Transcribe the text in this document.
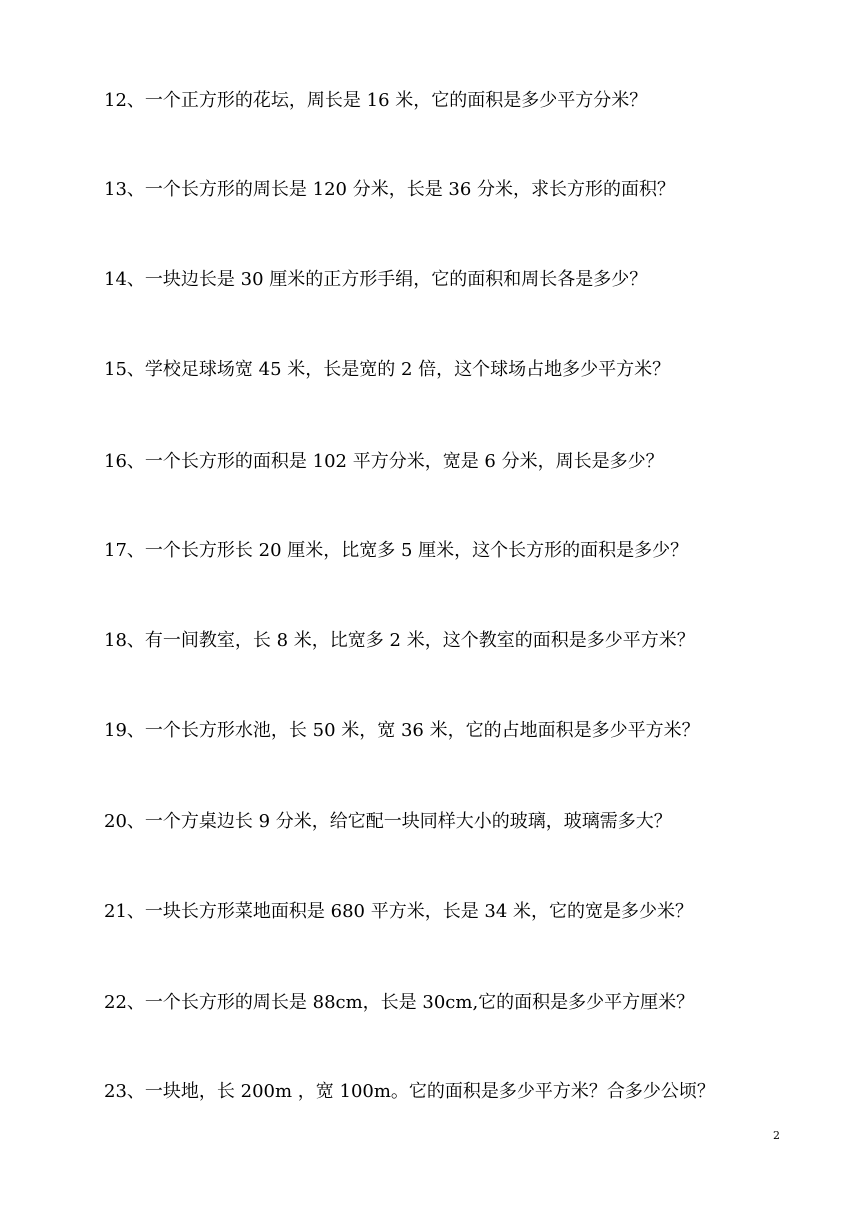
12、一个正方形的花坛，周长是 16 米，它的面积是多少平方分米？
13、一个长方形的周长是 120 分米，长是 36 分米，求长方形的面积？
14、一块边长是 30 厘米的正方形手绢，它的面积和周长各是多少？
15、学校足球场宽 45 米，长是宽的 2 倍，这个球场占地多少平方米？
16、一个长方形的面积是 102 平方分米，宽是 6 分米，周长是多少？
17、一个长方形长 20 厘米，比宽多 5 厘米，这个长方形的面积是多少？
18、有一间教室，长 8 米，比宽多 2 米，这个教室的面积是多少平方米？
19、一个长方形水池，长 50 米，宽 36 米，它的占地面积是多少平方米？
20、一个方桌边长 9 分米，给它配一块同样大小的玻璃，玻璃需多大？
21、一块长方形菜地面积是 680 平方米，长是 34 米，它的宽是多少米？
22、一个长方形的周长是 88cm，长是 30cm,它的面积是多少平方厘米？
23、一块地，长 200m ，宽 100m。它的面积是多少平方米？合多少公顷？
2
